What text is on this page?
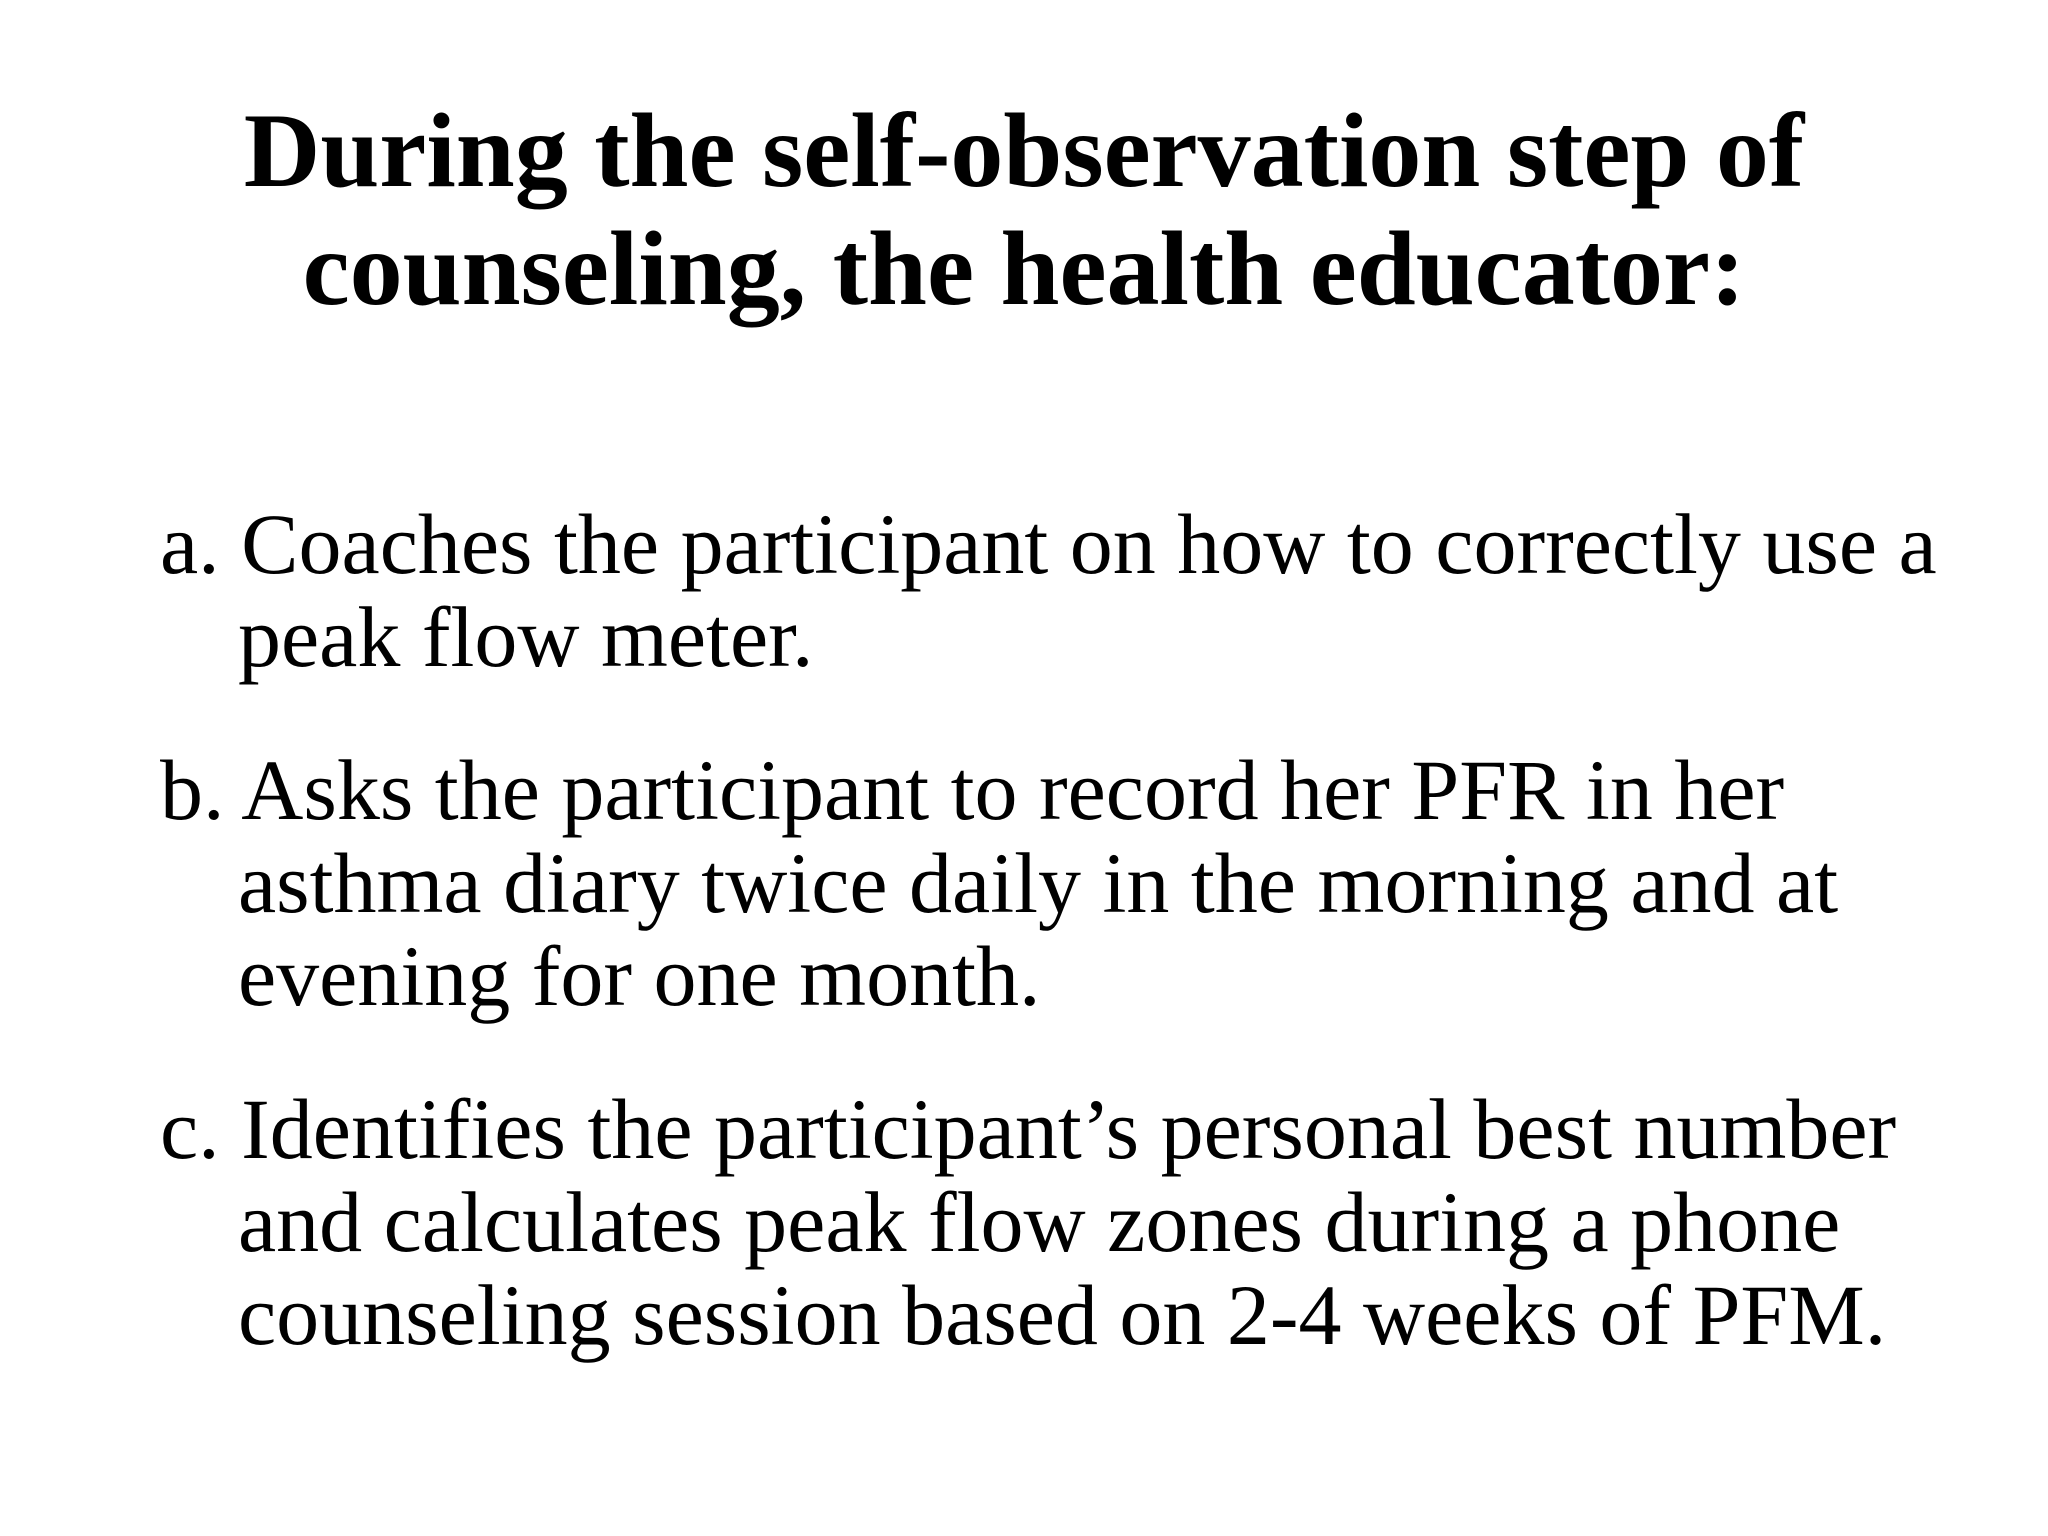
During the self-observation step of
counseling, the health educator:
a. Coaches the participant on how to correctly use a
peak flow meter.
b. Asks the participant to record her PFR in her
asthma diary twice daily in the morning and at
evening for one month.
c. Identifies the participant’s personal best number
and calculates peak flow zones during a phone
counseling session based on 2-4 weeks of PFM.
